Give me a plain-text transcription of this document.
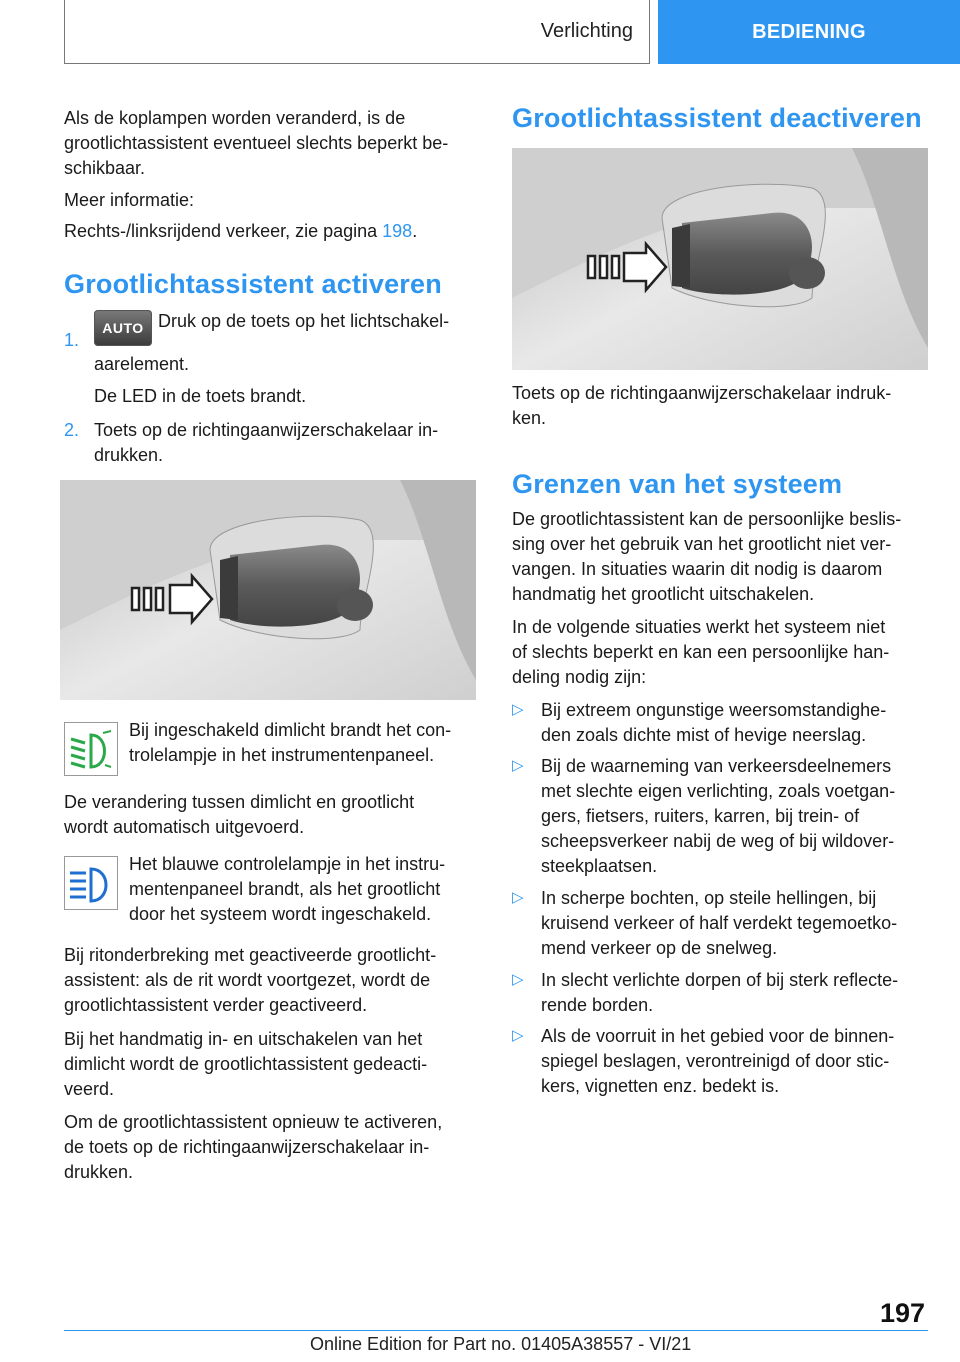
Verlichting	BEDIENING

Als de koplampen worden veranderd, is de

grootlichtassistent eventueel slechts beperkt be-

schikbaar.

Meer informatie:

Rechts-/linksrijdend verkeer, zie pagina 198.

Grootlichtassistent activeren
1.
AUTO Druk op de toets op het lichtschakel-
aarelement.
De LED in de toets brandt.
2. Toets op de richtingaanwijzerschakelaar in-
drukken.
Bij ingeschakeld dimlicht brandt het con-
trolelampje in het instrumentenpaneel.

De verandering tussen dimlicht en grootlicht

wordt automatisch uitgevoerd.

Het blauwe controlelampje in het instru-
mentenpaneel brandt, als het grootlicht
door het systeem wordt ingeschakeld.

Bij ritonderbreking met geactiveerde grootlicht-

assistent: als de rit wordt voortgezet, wordt de

grootlichtassistent verder geactiveerd.

Bij het handmatig in- en uitschakelen van het

dimlicht wordt de grootlichtassistent gedeacti-

veerd.

Om de grootlichtassistent opnieuw te activeren,

de toets op de richtingaanwijzerschakelaar in-

drukken.

Grootlichtassistent deactiveren

Toets op de richtingaanwijzerschakelaar indruk-

ken.

Grenzen van het systeem

De grootlichtassistent kan de persoonlijke beslis-

sing over het gebruik van het grootlicht niet ver-

vangen. In situaties waarin dit nodig is daarom

handmatig het grootlicht uitschakelen.

In de volgende situaties werkt het systeem niet

of slechts beperkt en kan een persoonlijke han-

deling nodig zijn:

▷ Bij extreem ongunstige weersomstandighe-
den zoals dichte mist of hevige neerslag.
▷ Bij de waarneming van verkeersdeelnemers
met slechte eigen verlichting, zoals voetgan-
gers, fietsers, ruiters, karren, bij trein- of
scheepsverkeer nabij de weg of bij wildover-
steekplaatsen.
▷ In scherpe bochten, op steile hellingen, bij
kruisend verkeer of half verdekt tegemoetko-
mend verkeer op de snelweg.
▷ In slecht verlichte dorpen of bij sterk reflecte-
rende borden.
▷ Als de voorruit in het gebied voor de binnen-
spiegel beslagen, verontreinigd of door stic-
kers, vignetten enz. bedekt is.
197
Online Edition for Part no. 01405A38557 - VI/21
